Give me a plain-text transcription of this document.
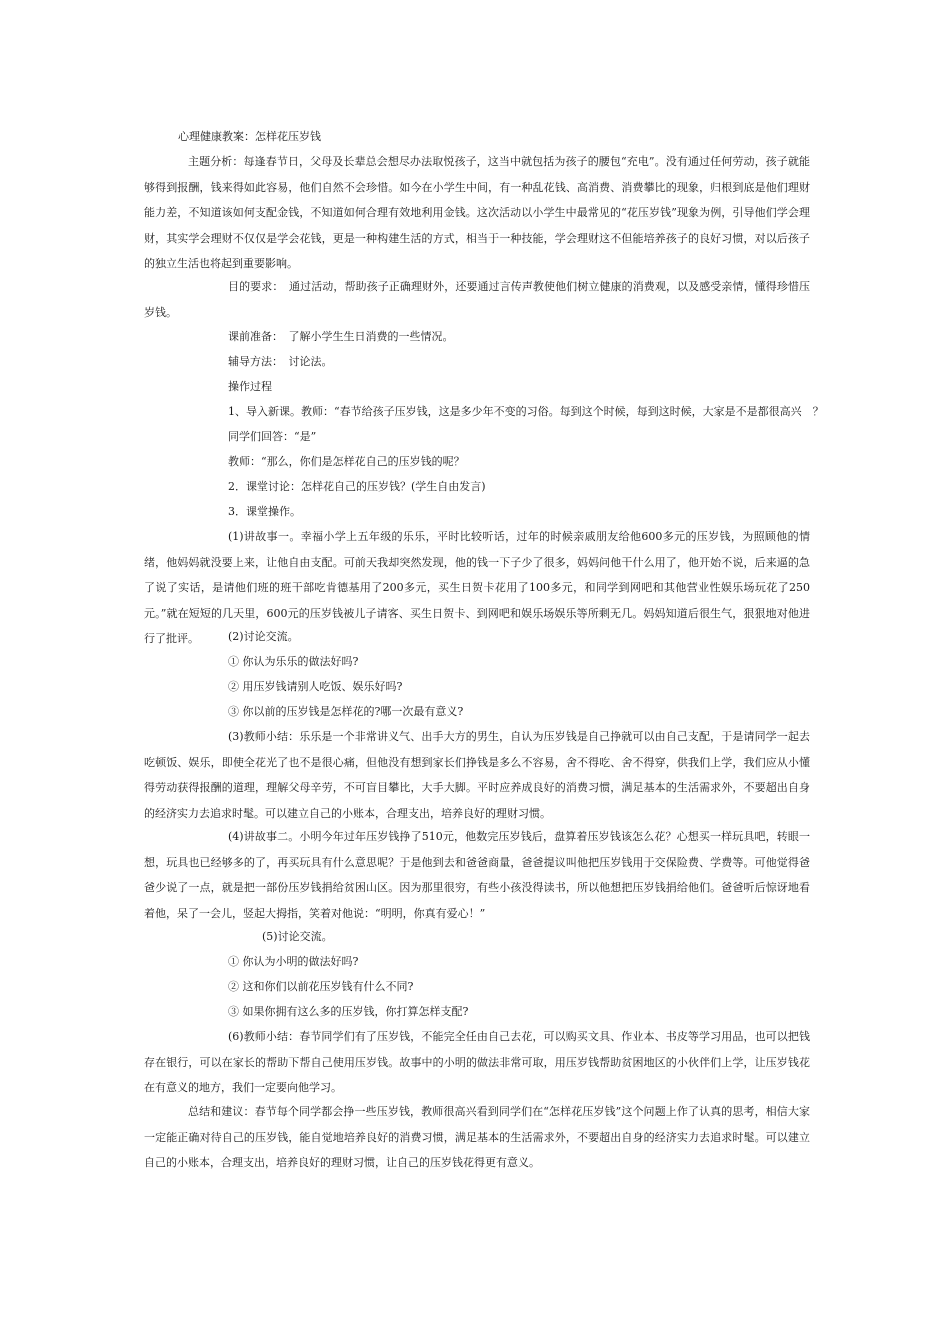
心理健康教案：怎样花压岁钱

主题分析：每逢春节日，父母及长辈总会想尽办法取悦孩子，这当中就包括为孩子的腰包“充电”。没有通过任何劳动，孩子就能够得到报酬，钱来得如此容易，他们自然不会珍惜。如今在小学生中间，有一种乱花钱、高消费、消费攀比的现象，归根到底是他们理财能力差，不知道该如何支配金钱，不知道如何合理有效地利用金钱。这次活动以小学生中最常见的“花压岁钱”现象为例，引导他们学会理财，其实学会理财不仅仅是学会花钱，更是一种构建生活的方式，相当于一种技能，学会理财这不但能培养孩子的良好习惯，对以后孩子的独立生活也将起到重要影响。

目的要求：　通过活动，帮助孩子正确理财外，还要通过言传声教使他们树立健康的消费观，以及感受亲情，懂得珍惜压岁钱。

课前准备：　了解小学生生日消费的一些情况。

辅导方法：　讨论法。

操作过程

1、导入新课。教师：“春节给孩子压岁钱，这是多少年不变的习俗。每到这个时候，每到这时候，大家是不是都很高兴　？

同学们回答：“是”

教师：“那么，你们是怎样花自己的压岁钱的呢？

2．课堂讨论：怎样花自己的压岁钱？(学生自由发言)

3．课堂操作。

(1)讲故事一。幸福小学上五年级的乐乐，平时比较听话，过年的时候亲戚朋友给他600多元的压岁钱，为照顾他的情绪，他妈妈就没要上来，让他自由支配。可前天我却突然发现，他的钱一下子少了很多，妈妈问他干什么用了，他开始不说，后来逼的急了说了实话，是请他们班的班干部吃肯德基用了200多元，买生日贺卡花用了100多元，和同学到网吧和其他营业性娱乐场玩花了250元。”就在短短的几天里，600元的压岁钱被儿子请客、买生日贺卡、到网吧和娱乐场娱乐等所剩无几。妈妈知道后很生气，狠狠地对他进行了批评。	(2)讨论交流。

① 你认为乐乐的做法好吗?

② 用压岁钱请别人吃饭、娱乐好吗?

③ 你以前的压岁钱是怎样花的?哪一次最有意义?

(3)教师小结：乐乐是一个非常讲义气、出手大方的男生，自认为压岁钱是自己挣就可以由自己支配，于是请同学一起去吃顿饭、娱乐，即使全花光了也不是很心痛，但他没有想到家长们挣钱是多么不容易，舍不得吃、舍不得穿，供我们上学，我们应从小懂得劳动获得报酬的道理，理解父母辛劳，不可盲目攀比，大手大脚。平时应养成良好的消费习惯，满足基本的生活需求外，不要超出自身的经济实力去追求时髦。可以建立自己的小账本，合理支出，培养良好的理财习惯。

(4)讲故事二。小明今年过年压岁钱挣了510元，他数完压岁钱后，盘算着压岁钱该怎么花？心想买一样玩具吧，转眼一想，玩具也已经够多的了，再买玩具有什么意思呢？于是他到去和爸爸商量，爸爸提议叫他把压岁钱用于交保险费、学费等。可他觉得爸爸少说了一点，就是把一部份压岁钱捐给贫困山区。因为那里很穷，有些小孩没得读书，所以他想把压岁钱捐给他们。爸爸听后惊讶地看着他，呆了一会儿，竖起大拇指，笑着对他说：“明明，你真有爱心！”

(5)讨论交流。

① 你认为小明的做法好吗?

② 这和你们以前花压岁钱有什么不同?

③ 如果你拥有这么多的压岁钱，你打算怎样支配?

(6)教师小结：春节同学们有了压岁钱，不能完全任由自己去花，可以购买文具、作业本、书皮等学习用品，也可以把钱存在银行，可以在家长的帮助下帮自己使用压岁钱。故事中的小明的做法非常可取，用压岁钱帮助贫困地区的小伙伴们上学，让压岁钱花在有意义的地方，我们一定要向他学习。

总结和建议：春节每个同学都会挣一些压岁钱，教师很高兴看到同学们在“怎样花压岁钱”这个问题上作了认真的思考，相信大家一定能正确对待自己的压岁钱，能自觉地培养良好的消费习惯，满足基本的生活需求外，不要超出自身的经济实力去追求时髦。可以建立自己的小账本，合理支出，培养良好的理财习惯，让自己的压岁钱花得更有意义。
